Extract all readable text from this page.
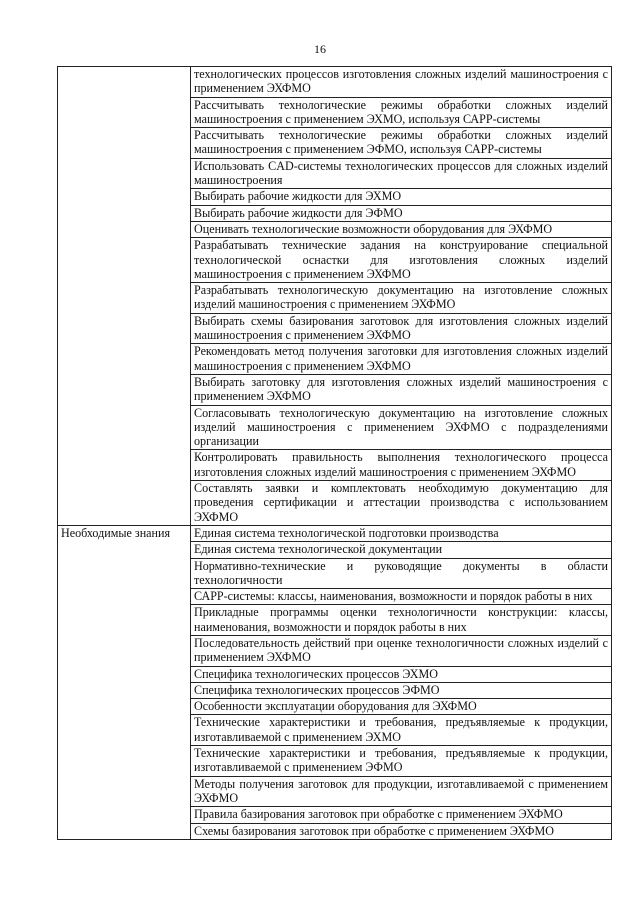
16
	технологических процессов изготовления сложных изделий машиностроения с применением ЭХФМО
	Рассчитывать технологические режимы обработки сложных изделий машиностроения с применением ЭХМО, используя САРР-системы
	Рассчитывать технологические режимы обработки сложных изделий машиностроения с применением ЭФМО, используя САРР-системы
	Использовать CAD-системы технологических процессов для сложных изделий машиностроения
	Выбирать рабочие жидкости для ЭХМО
	Выбирать рабочие жидкости для ЭФМО
	Оценивать технологические возможности оборудования для ЭХФМО
	Разрабатывать технические задания на конструирование специальной технологической оснастки для изготовления сложных изделий машиностроения с применением ЭХФМО
	Разрабатывать технологическую документацию на изготовление сложных изделий машиностроения с применением ЭХФМО
	Выбирать схемы базирования заготовок для изготовления сложных изделий машиностроения с применением ЭХФМО
	Рекомендовать метод получения заготовки для изготовления сложных изделий машиностроения с применением ЭХФМО
	Выбирать заготовку для изготовления сложных изделий машиностроения с применением ЭХФМО
	Согласовывать технологическую документацию на изготовление сложных изделий машиностроения с применением ЭХФМО с подразделениями организации
	Контролировать правильность выполнения технологического процесса изготовления сложных изделий машиностроения с применением ЭХФМО
	Составлять заявки и комплектовать необходимую документацию для проведения сертификации и аттестации производства с использованием ЭХФМО
Необходимые знания	Единая система технологической подготовки производства
	Единая система технологической документации
	Нормативно-технические и руководящие документы в области технологичности
	САРР-системы: классы, наименования, возможности и порядок работы в них
	Прикладные программы оценки технологичности конструкции: классы, наименования, возможности и порядок работы в них
	Последовательность действий при оценке технологичности сложных изделий с применением ЭХФМО
	Специфика технологических процессов ЭХМО
	Специфика технологических процессов ЭФМО
	Особенности эксплуатации оборудования для ЭХФМО
	Технические характеристики и требования, предъявляемые к продукции, изготавливаемой с применением ЭХМО
	Технические характеристики и требования, предъявляемые к продукции, изготавливаемой с применением ЭФМО
	Методы получения заготовок для продукции, изготавливаемой с применением ЭХФМО
	Правила базирования заготовок при обработке с применением ЭХФМО
	Схемы базирования заготовок при обработке с применением ЭХФМО
